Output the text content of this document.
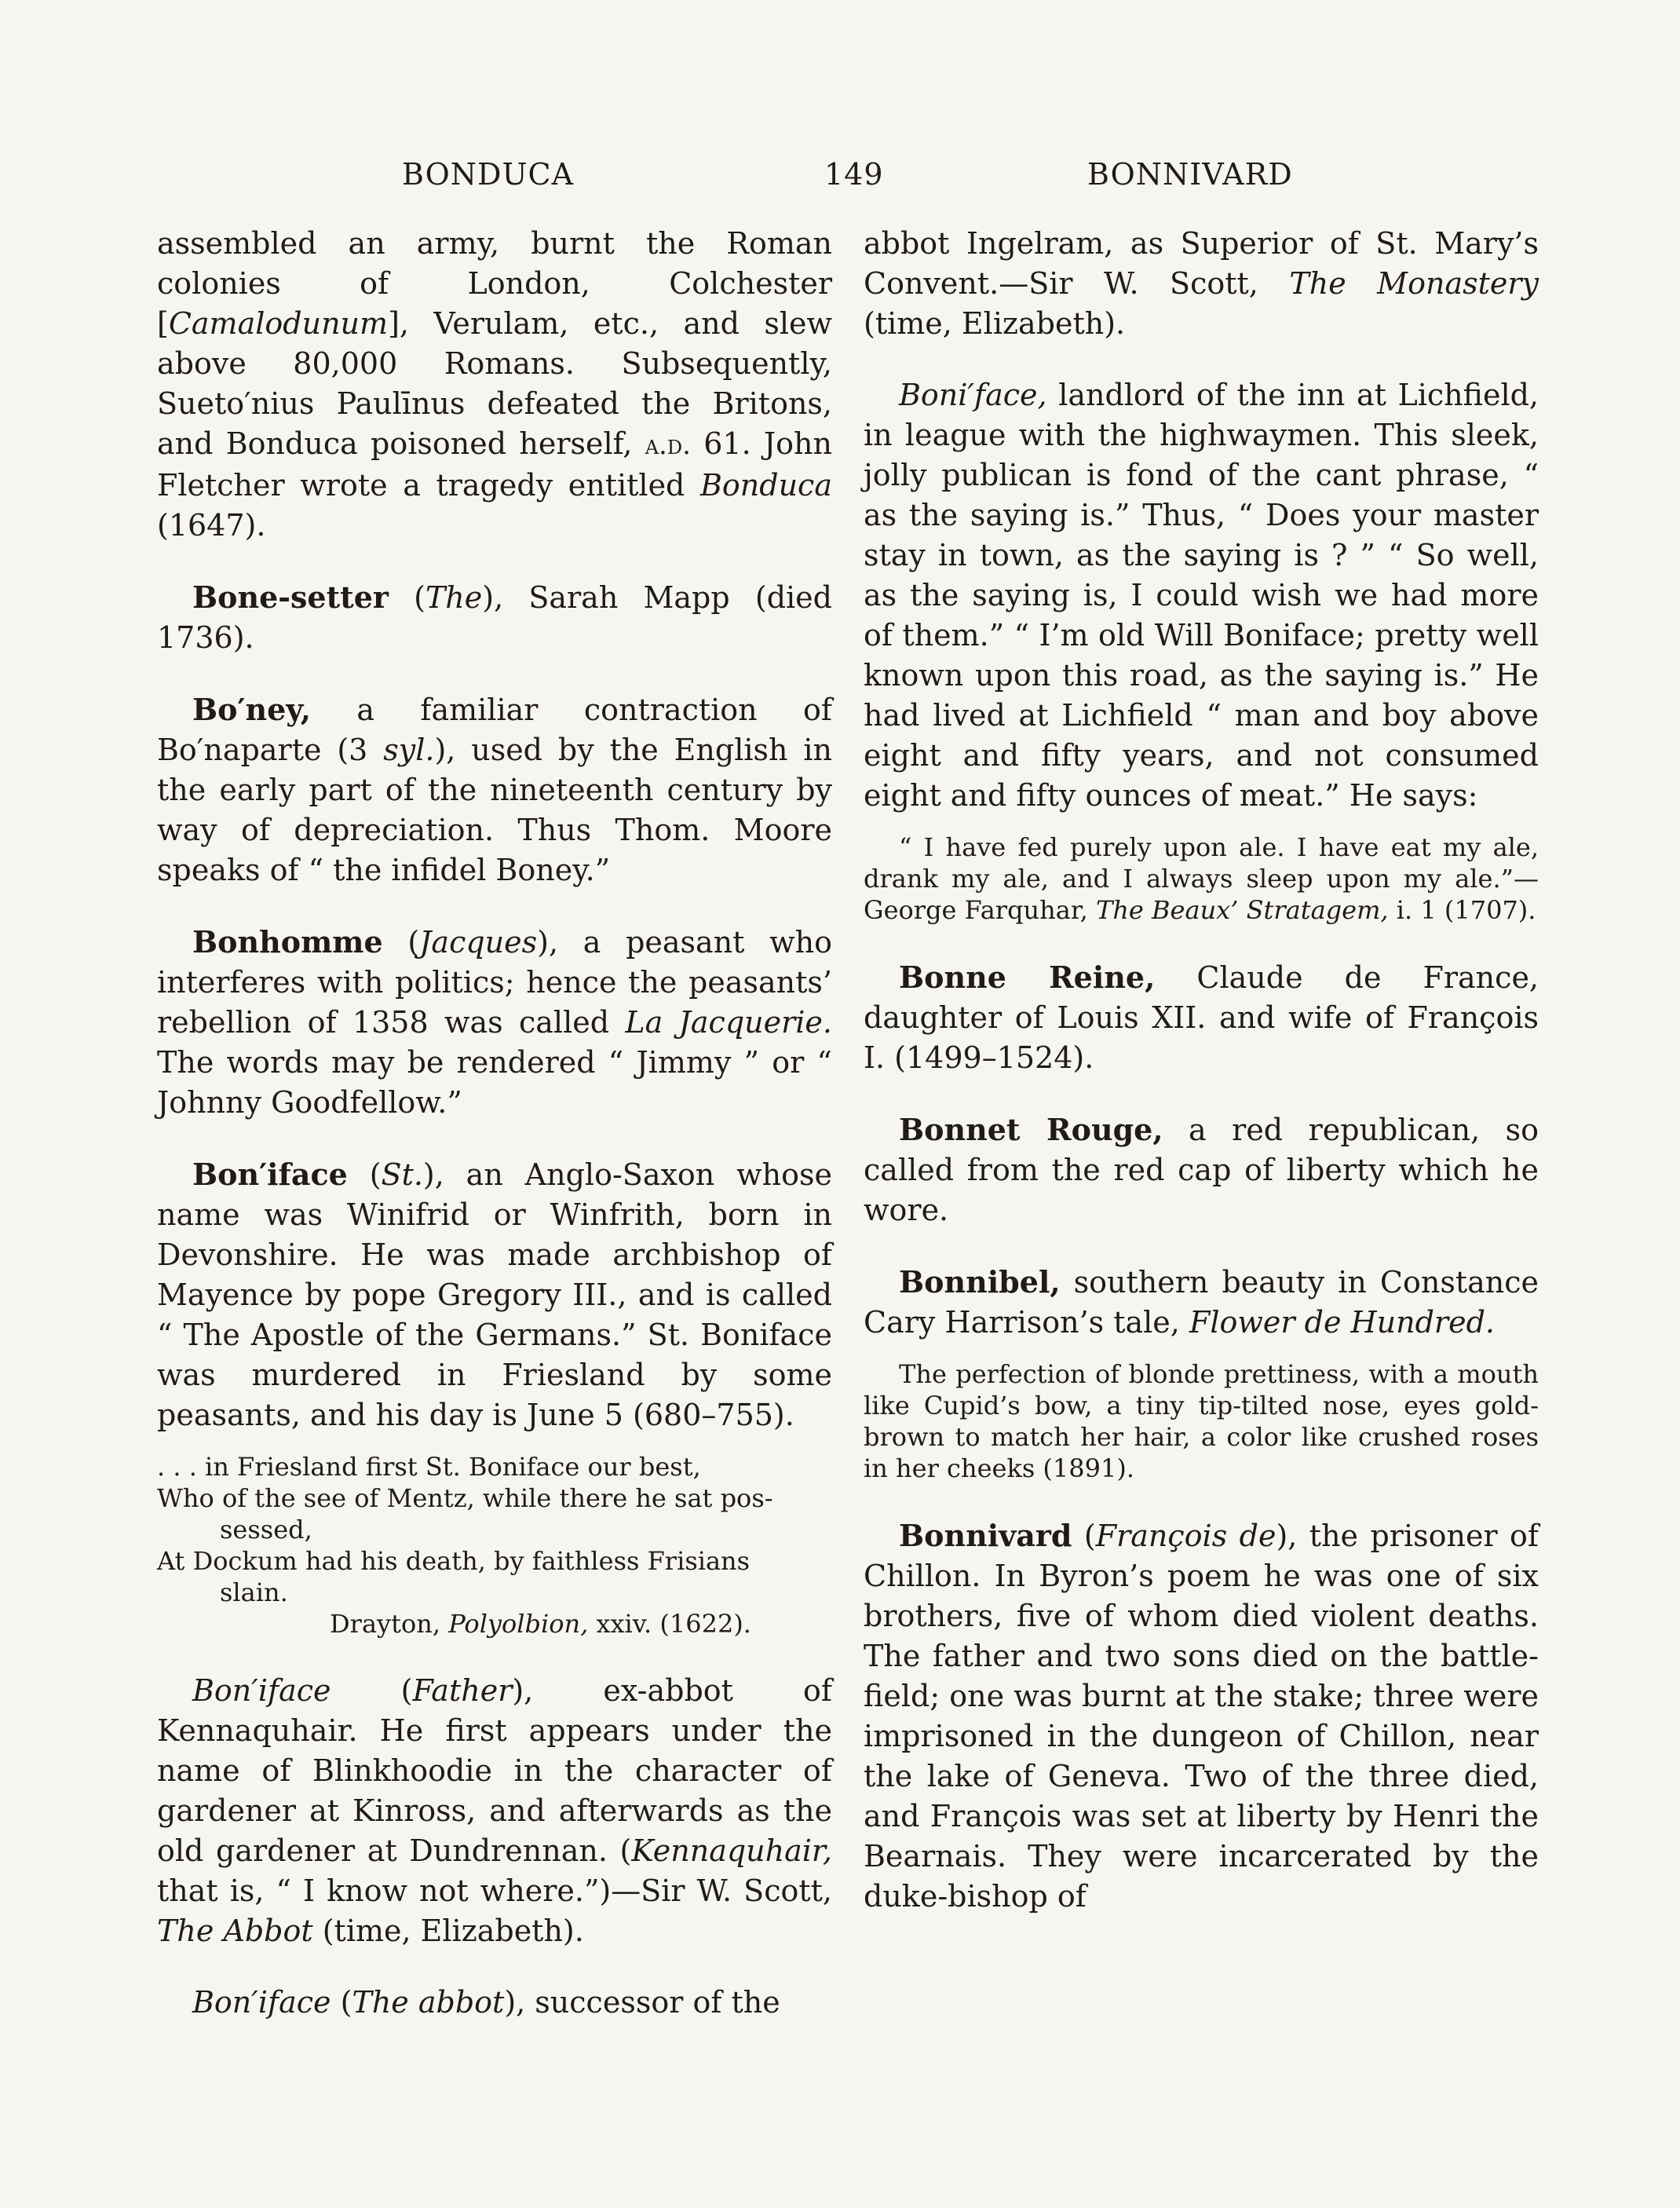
BONDUCA	149	BONNIVARD

assembled an army, burnt the Roman colonies of London, Colchester [Camalodunum], Verulam, etc., and slew above 80,000 Romans. Subsequently, Sueto′nius Paulīnus defeated the Britons, and Bonduca poisoned herself, a.d. 61. John Fletcher wrote a tragedy entitled Bonduca (1647).

Bone-setter (The), Sarah Mapp (died 1736).

Bo′ney, a familiar contraction of Bo′naparte (3 syl.), used by the English in the early part of the nineteenth century by way of depreciation. Thus Thom. Moore speaks of “ the infidel Boney.”

Bonhomme (Jacques), a peasant who interferes with politics; hence the peasants’ rebellion of 1358 was called La Jacquerie. The words may be rendered “ Jimmy ” or “ Johnny Goodfellow.”

Bon′iface (St.), an Anglo-Saxon whose name was Winifrid or Winfrith, born in Devonshire. He was made archbishop of Mayence by pope Gregory III., and is called “ The Apostle of the Germans.” St. Boniface was murdered in Friesland by some peasants, and his day is June 5 (680–755).

. . . in Friesland first St. Boniface our best,
Who of the see of Mentz, while there he sat pos-
sessed,
At Dockum had his death, by faithless Frisians
slain.
Drayton, Polyolbion, xxiv. (1622).

Bon′iface (Father), ex-abbot of Kennaquhair. He first appears under the name of Blinkhoodie in the character of gardener at Kinross, and afterwards as the old gardener at Dundrennan. (Kennaquhair, that is, “ I know not where.”)—Sir W. Scott, The Abbot (time, Elizabeth).

Bon′iface (The abbot), successor of the

abbot Ingelram, as Superior of St. Mary’s Convent.—Sir W. Scott, The Monastery (time, Elizabeth).

Boni′face, landlord of the inn at Lichfield, in league with the highwaymen. This sleek, jolly publican is fond of the cant phrase, “ as the saying is.” Thus, “ Does your master stay in town, as the saying is ? ” “ So well, as the saying is, I could wish we had more of them.” “ I’m old Will Boniface; pretty well known upon this road, as the saying is.” He had lived at Lichfield “ man and boy above eight and fifty years, and not consumed eight and fifty ounces of meat.” He says:

“ I have fed purely upon ale. I have eat my ale, drank my ale, and I always sleep upon my ale.”—George Farquhar, The Beaux’ Stratagem, i. 1 (1707).

Bonne Reine, Claude de France, daughter of Louis XII. and wife of François I. (1499–1524).

Bonnet Rouge, a red republican, so called from the red cap of liberty which he wore.

Bonnibel, southern beauty in Constance Cary Harrison’s tale, Flower de Hundred.

The perfection of blonde prettiness, with a mouth like Cupid’s bow, a tiny tip-tilted nose, eyes gold-brown to match her hair, a color like crushed roses in her cheeks (1891).

Bonnivard (François de), the prisoner of Chillon. In Byron’s poem he was one of six brothers, five of whom died violent deaths. The father and two sons died on the battle-field; one was burnt at the stake; three were imprisoned in the dungeon of Chillon, near the lake of Geneva. Two of the three died, and François was set at liberty by Henri the Bearnais. They were incarcerated by the duke-bishop of
